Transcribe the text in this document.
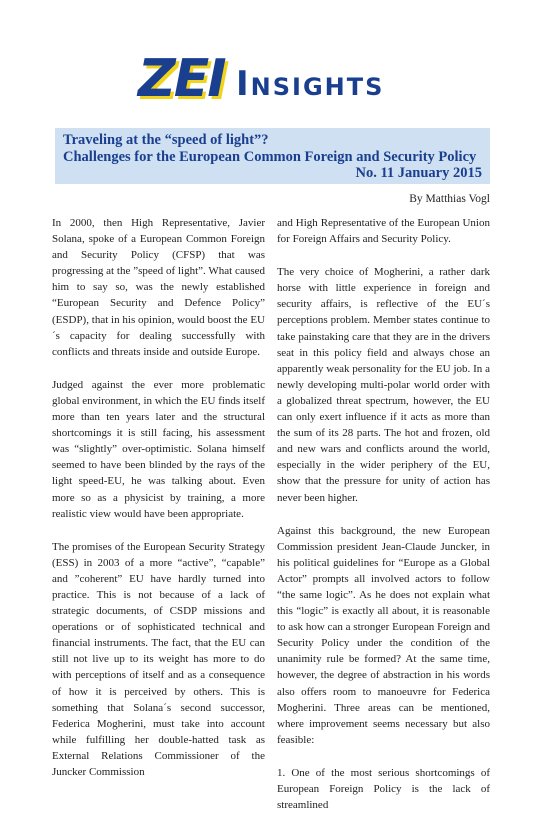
ZEI Insights
Traveling at the “speed of light”?
Challenges for the European Common Foreign and Security Policy
No. 11 January 2015
By Matthias Vogl

In 2000, then High Representative, Javier Solana, spoke of a European Common Foreign and Security Policy (CFSP) that was progressing at the ”speed of light”. What caused him to say so, was the newly established “European Security and Defence Policy” (ESDP), that in his opinion, would boost the EU´s capacity for dealing successfully with conflicts and threats inside and outside Europe.

Judged against the ever more problematic global environment, in which the EU finds itself more than ten years later and the structural shortcomings it is still facing, his assessment was “slightly” over-optimistic. Solana himself seemed to have been blinded by the rays of the light speed-EU, he was talking about. Even more so as a physicist by training, a more realistic view would have been appropriate.

The promises of the European Security Strategy (ESS) in 2003 of a more “active”, “capable” and ”coherent” EU have hardly turned into practice. This is not because of a lack of strategic documents, of CSDP missions and operations or of sophisticated technical and financial instruments. The fact, that the EU can still not live up to its weight has more to do with perceptions of itself and as a consequence of how it is perceived by others. This is something that Solana´s second successor, Federica Mogherini, must take into account while fulfilling her double-hatted task as External Relations Commissioner of the Juncker Commission

and High Representative of the European Union for Foreign Affairs and Security Policy.

The very choice of Mogherini, a rather dark horse with little experience in foreign and security affairs, is reflective of the EU´s perceptions problem. Member states continue to take painstaking care that they are in the drivers seat in this policy field and always chose an apparently weak personality for the EU job. In a newly developing multi-polar world order with a globalized threat spectrum, however, the EU can only exert influence if it acts as more than the sum of its 28 parts. The hot and frozen, old and new wars and conflicts around the world, especially in the wider periphery of the EU, show that the pressure for unity of action has never been higher.

Against this background, the new European Commission president Jean-Claude Juncker, in his political guidelines for “Europe as a Global Actor” prompts all involved actors to follow “the same logic”. As he does not explain what this “logic” is exactly all about, it is reasonable to ask how can a stronger European Foreign and Security Policy under the condition of the unanimity rule be formed? At the same time, however, the degree of abstraction in his words also offers room to manoeuvre for Federica Mogherini. Three areas can be mentioned, where improvement seems necessary but also feasible:

1. One of the most serious shortcomings of European Foreign Policy is the lack of streamlined
